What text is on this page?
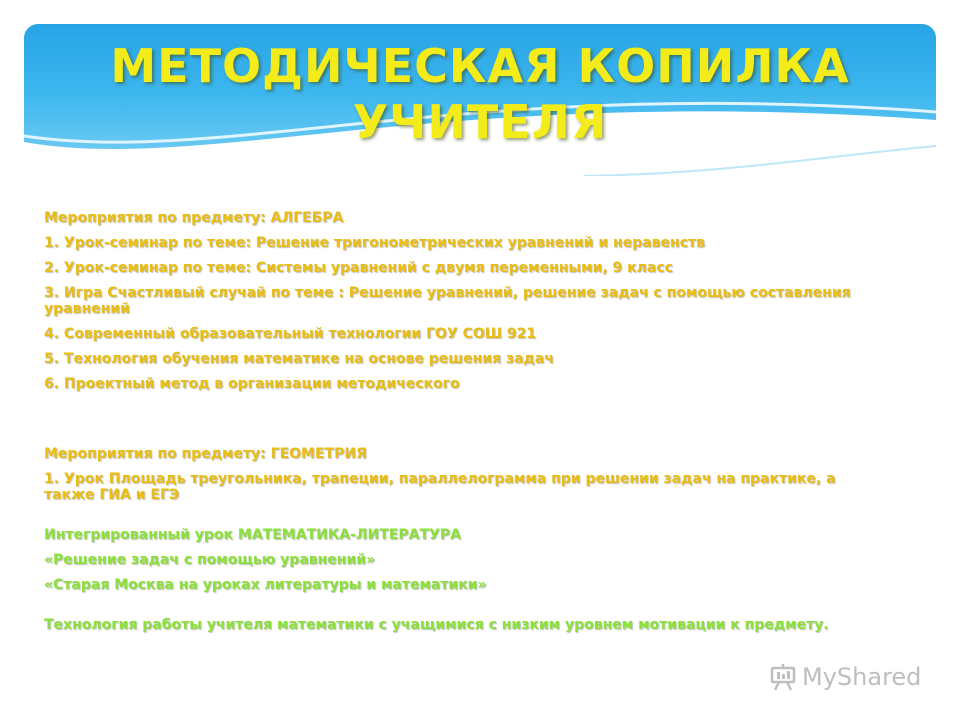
МЕТОДИЧЕСКАЯ КОПИЛКА
УЧИТЕЛЯ
Мероприятия по предмету: АЛГЕБРА
1. Урок-семинар по теме: Решение тригонометрических уравнений и неравенств
2. Урок-семинар по теме: Системы уравнений с двумя переменными, 9 класс
3. Игра Счастливый случай по теме : Решение уравнений, решение задач с помощью составления уравнений
4. Современный образовательный технологии ГОУ СОШ 921
5. Технология обучения математике на основе решения задач
6. Проектный метод в организации методического
Мероприятия по предмету: ГЕОМЕТРИЯ
1. Урок Площадь треугольника, трапеции, параллелограмма при решении задач на практике, а также ГИА и ЕГЭ
Интегрированный урок МАТЕМАТИКА-ЛИТЕРАТУРА
«Решение задач с помощью уравнений»
«Старая Москва на уроках литературы и математики»
Технология работы учителя математики с учащимися с низким уровнем мотивации к предмету.
MyShared
